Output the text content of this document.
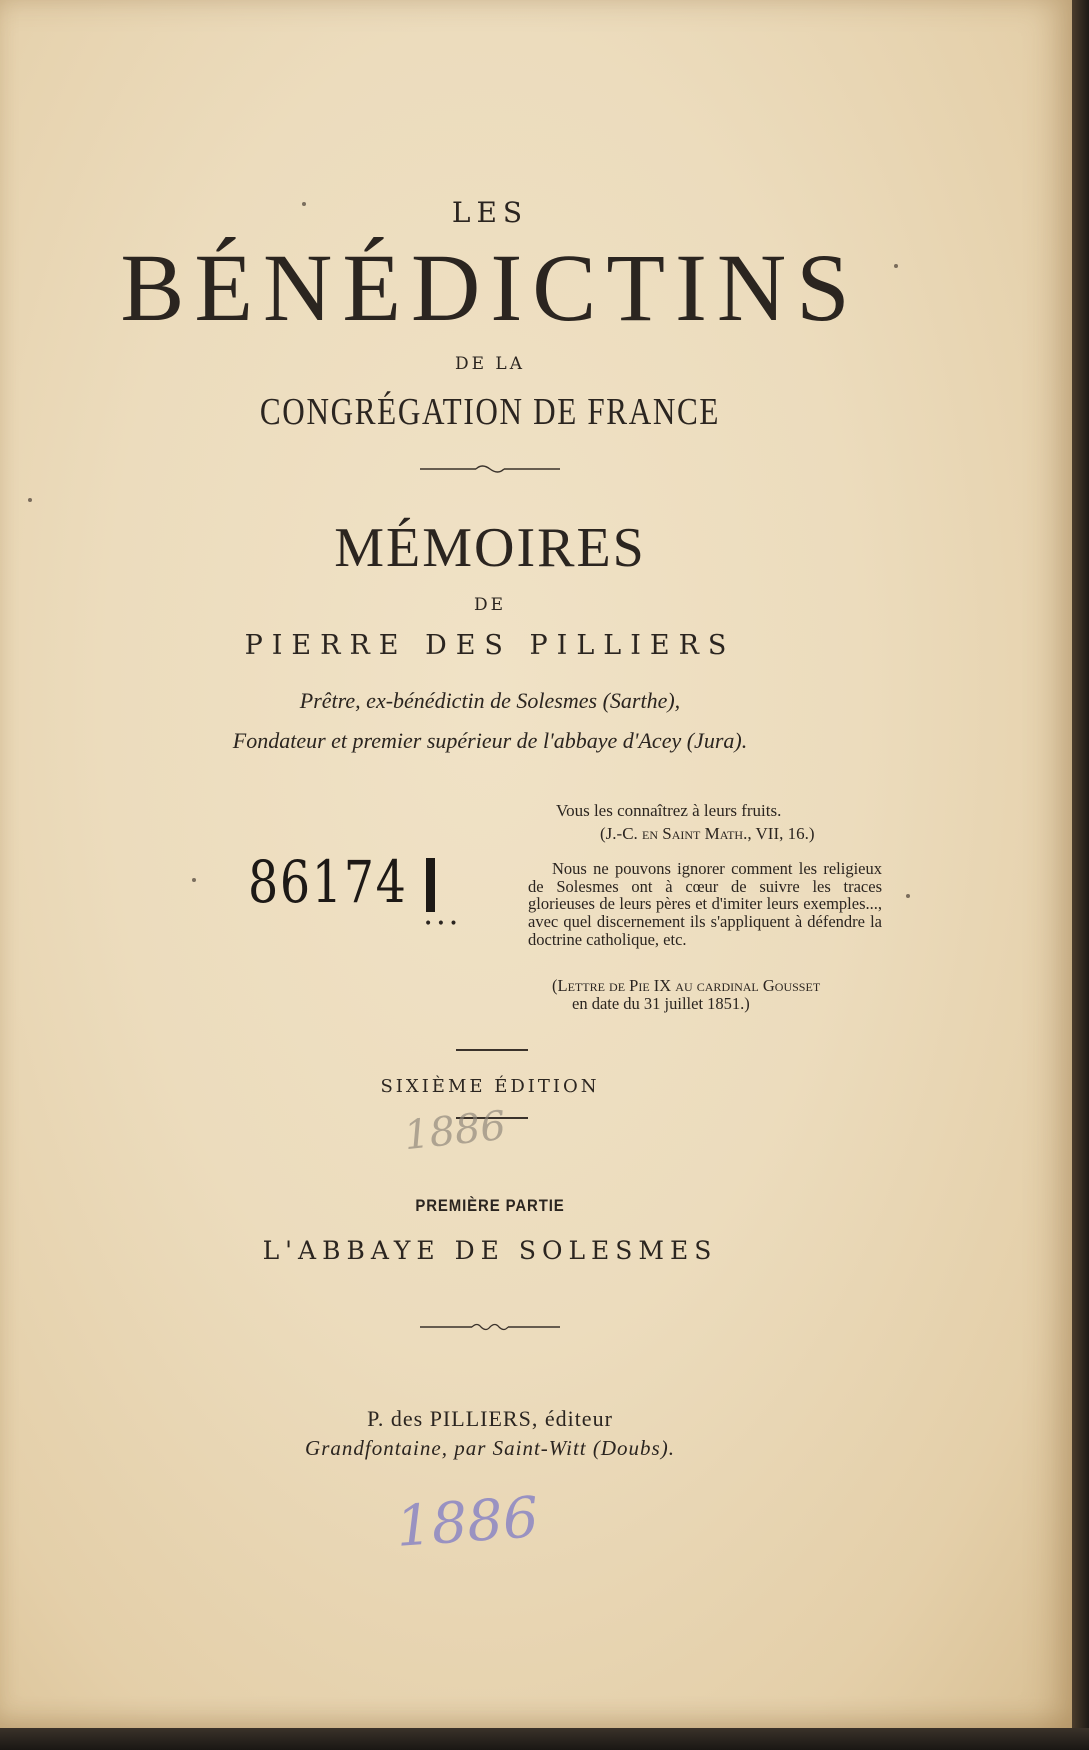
LES
BÉNÉDICTINS
DE LA
CONGRÉGATION DE FRANCE
MÉMOIRES
DE
PIERRE DES PILLIERS
Prêtre, ex-bénédictin de Solesmes (Sarthe),
Fondateur et premier supérieur de l'abbaye d'Acey (Jura).
86174
• • •
Vous les connaîtrez à leurs fruits.
(J.-C. en Saint Math., VII, 16.)
Nous ne pouvons ignorer comment les religieux de Solesmes ont à cœur de suivre les traces glorieuses de leurs pères et d'imiter leurs exemples..., avec quel discernement ils s'appliquent à défendre la doctrine catholique, etc.
(Lettre de Pie IX au cardinal Gousset
en date du 31 juillet 1851.)
SIXIÈME ÉDITION
1886
PREMIÈRE PARTIE
L'ABBAYE DE SOLESMES
P. des PILLIERS, éditeur
Grandfontaine, par Saint-Witt (Doubs).
1886
